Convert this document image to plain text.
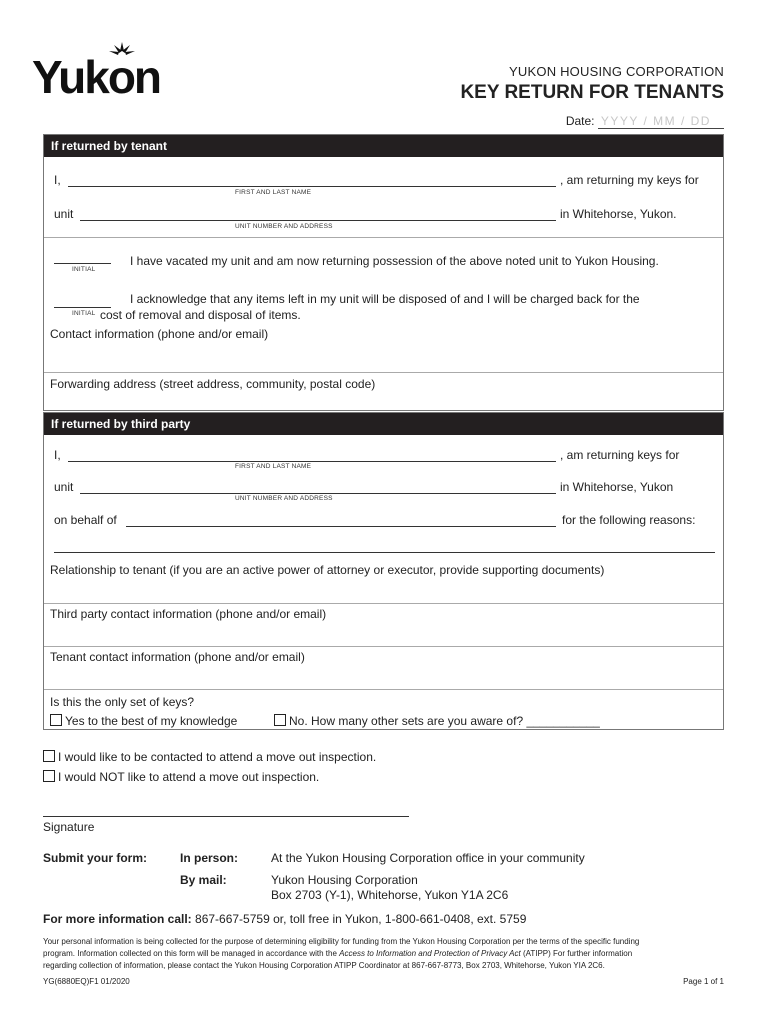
Yukon	YUKON HOUSING CORPORATION
KEY RETURN FOR TENANTS
Date: YYYY / MM / DD
If returned by tenant
I,	, am returning my keys for
FIRST AND LAST NAME
unit	in Whitehorse, Yukon.
UNIT NUMBER AND ADDRESS
INITIAL
I have vacated my unit and am now returning possession of the above noted unit to Yukon Housing.
INITIAL
I acknowledge that any items left in my unit will be disposed of and I will be charged back for the
cost of removal and disposal of items.
Contact information (phone and/or email)
Forwarding address (street address, community, postal code)
If returned by third party
I,	, am returning keys for
FIRST AND LAST NAME
unit	in Whitehorse, Yukon
UNIT NUMBER AND ADDRESS
on behalf of	for the following reasons:
Relationship to tenant (if you are an active power of attorney or executor, provide supporting documents)
Third party contact information (phone and/or email)
Tenant contact information (phone and/or email)
Is this the only set of keys?
Yes to the best of my knowledge	No. How many other sets are you aware of? ___________
I would like to be contacted to attend a move out inspection.
I would NOT like to attend a move out inspection.
Signature
Submit your form:	In person:	At the Yukon Housing Corporation office in your community
By mail:	Yukon Housing Corporation
Box 2703 (Y-1), Whitehorse, Yukon Y1A 2C6
For more information call: 867-667-5759 or, toll free in Yukon, 1-800-661-0408, ext. 5759
Your personal information is being collected for the purpose of determining eligibility for funding from the Yukon Housing Corporation per the terms of the specific funding
program. Information collected on this form will be managed in accordance with the Access to Information and Protection of Privacy Act (ATIPP) For further information
regarding collection of information, please contact the Yukon Housing Corporation ATIPP Coordinator at 867-667-8773, Box 2703, Whitehorse, Yukon YIA 2C6.
YG(6880EQ)F1 01/2020	Page 1 of 1
